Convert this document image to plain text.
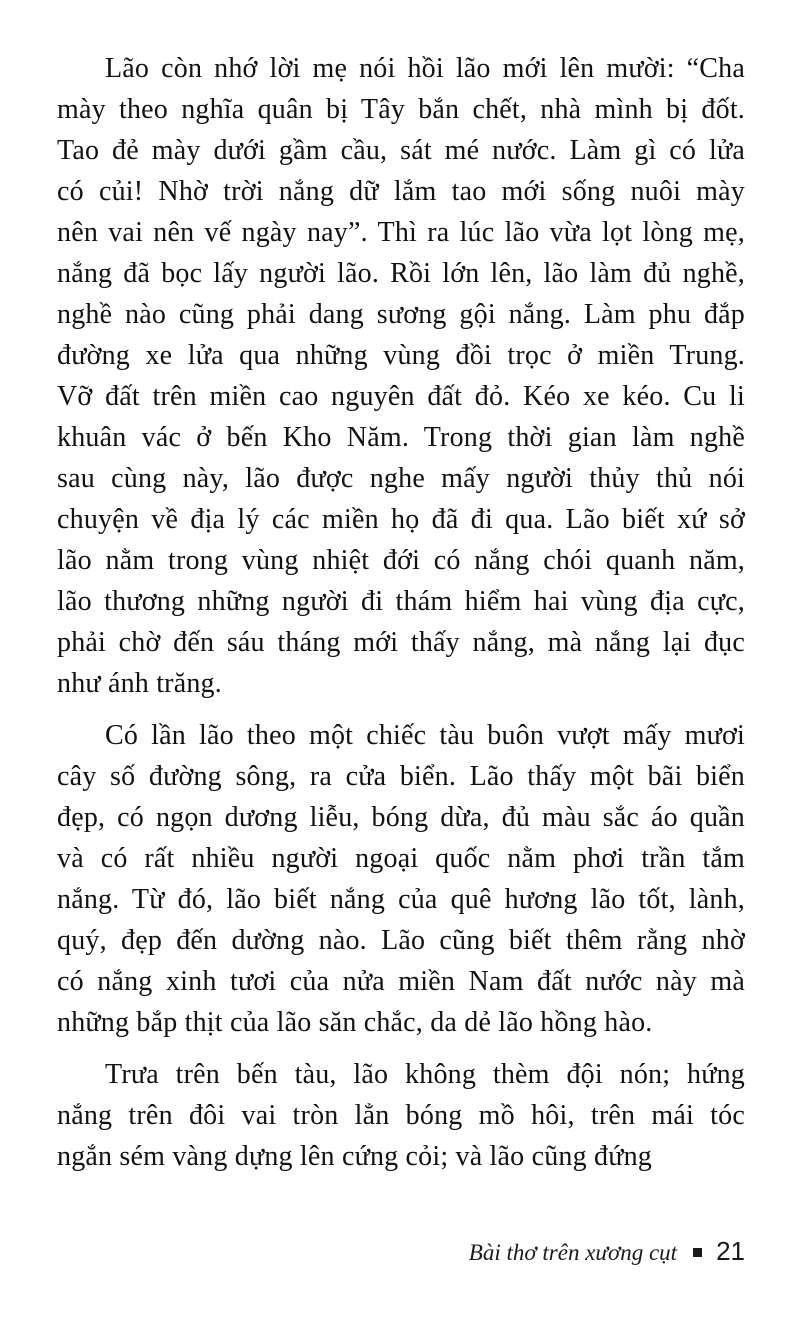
Lão còn nhớ lời mẹ nói hồi lão mới lên mười: “Cha
mày theo nghĩa quân bị Tây bắn chết, nhà mình bị đốt.
Tao đẻ mày dưới gầm cầu, sát mé nước. Làm gì có lửa
có củi! Nhờ trời nắng dữ lắm tao mới sống nuôi mày
nên vai nên vế ngày nay”. Thì ra lúc lão vừa lọt lòng mẹ,
nắng đã bọc lấy người lão. Rồi lớn lên, lão làm đủ nghề,
nghề nào cũng phải dang sương gội nắng. Làm phu đắp
đường xe lửa qua những vùng đồi trọc ở miền Trung.
Vỡ đất trên miền cao nguyên đất đỏ. Kéo xe kéo. Cu li
khuân vác ở bến Kho Năm. Trong thời gian làm nghề
sau cùng này, lão được nghe mấy người thủy thủ nói
chuyện về địa lý các miền họ đã đi qua. Lão biết xứ sở
lão nằm trong vùng nhiệt đới có nắng chói quanh năm,
lão thương những người đi thám hiểm hai vùng địa cực,
phải chờ đến sáu tháng mới thấy nắng, mà nắng lại đục
như ánh trăng.

Có lần lão theo một chiếc tàu buôn vượt mấy mươi
cây số đường sông, ra cửa biển. Lão thấy một bãi biển
đẹp, có ngọn dương liễu, bóng dừa, đủ màu sắc áo quần
và có rất nhiều người ngoại quốc nằm phơi trần tắm
nắng. Từ đó, lão biết nắng của quê hương lão tốt, lành,
quý, đẹp đến dường nào. Lão cũng biết thêm rằng nhờ
có nắng xinh tươi của nửa miền Nam đất nước này mà
những bắp thịt của lão săn chắc, da dẻ lão hồng hào.

Trưa trên bến tàu, lão không thèm đội nón; hứng
nắng trên đôi vai tròn lẳn bóng mồ hôi, trên mái tóc
ngắn sém vàng dựng lên cứng cỏi; và lão cũng đứng

Bài thơ trên xương cụt 21
